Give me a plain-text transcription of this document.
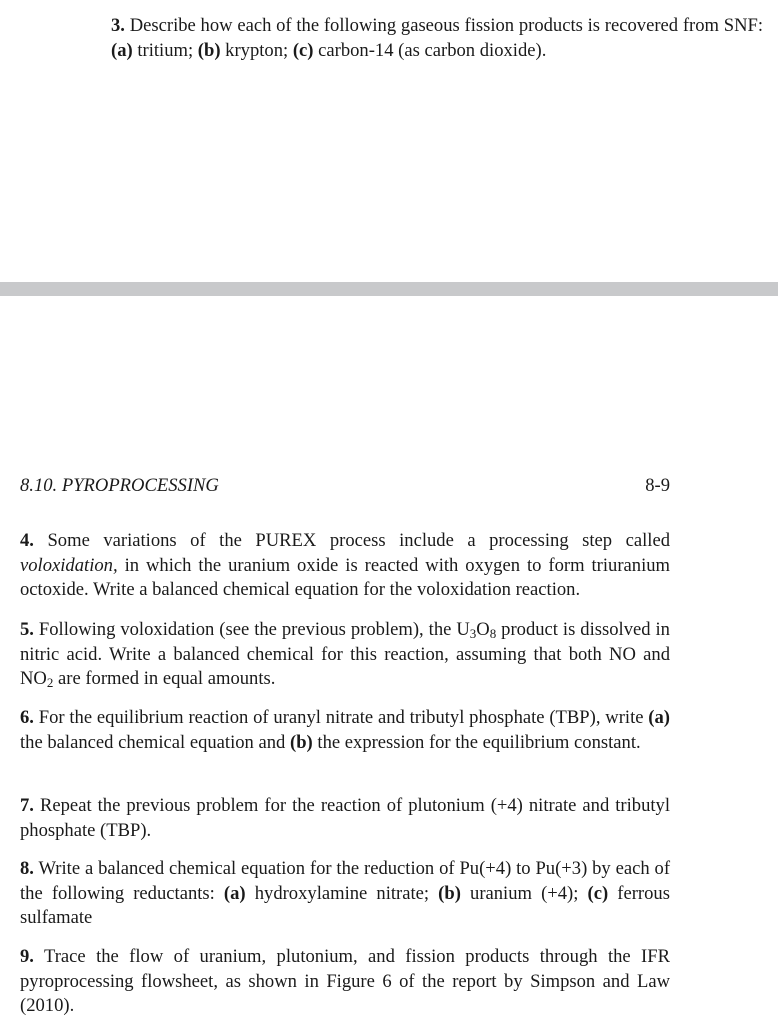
3. Describe how each of the following gaseous fission products is recovered from SNF: (a) tritium; (b) krypton; (c) carbon-14 (as carbon dioxide).

8.10. PYROPROCESSING	8-9

4. Some variations of the PUREX process include a processing step called voloxidation, in which the uranium oxide is reacted with oxygen to form triuranium octoxide. Write a balanced chemical equation for the voloxidation reaction.

5. Following voloxidation (see the previous problem), the $U_3O_8$ product is dissolved in nitric acid. Write a balanced chemical for this reaction, assuming that both NO and $NO_2$ are formed in equal amounts.

6. For the equilibrium reaction of uranyl nitrate and tributyl phosphate (TBP), write (a) the balanced chemical equation and (b) the expression for the equilibrium constant.

7. Repeat the previous problem for the reaction of plutonium (+4) nitrate and tributyl phosphate (TBP).

8. Write a balanced chemical equation for the reduction of Pu(+4) to Pu(+3) by each of the following reductants: (a) hydroxylamine nitrate; (b) uranium (+4); (c) ferrous sulfamate

9. Trace the flow of uranium, plutonium, and fission products through the IFR pyroprocessing flowsheet, as shown in Figure 6 of the report by Simpson and Law (2010).
